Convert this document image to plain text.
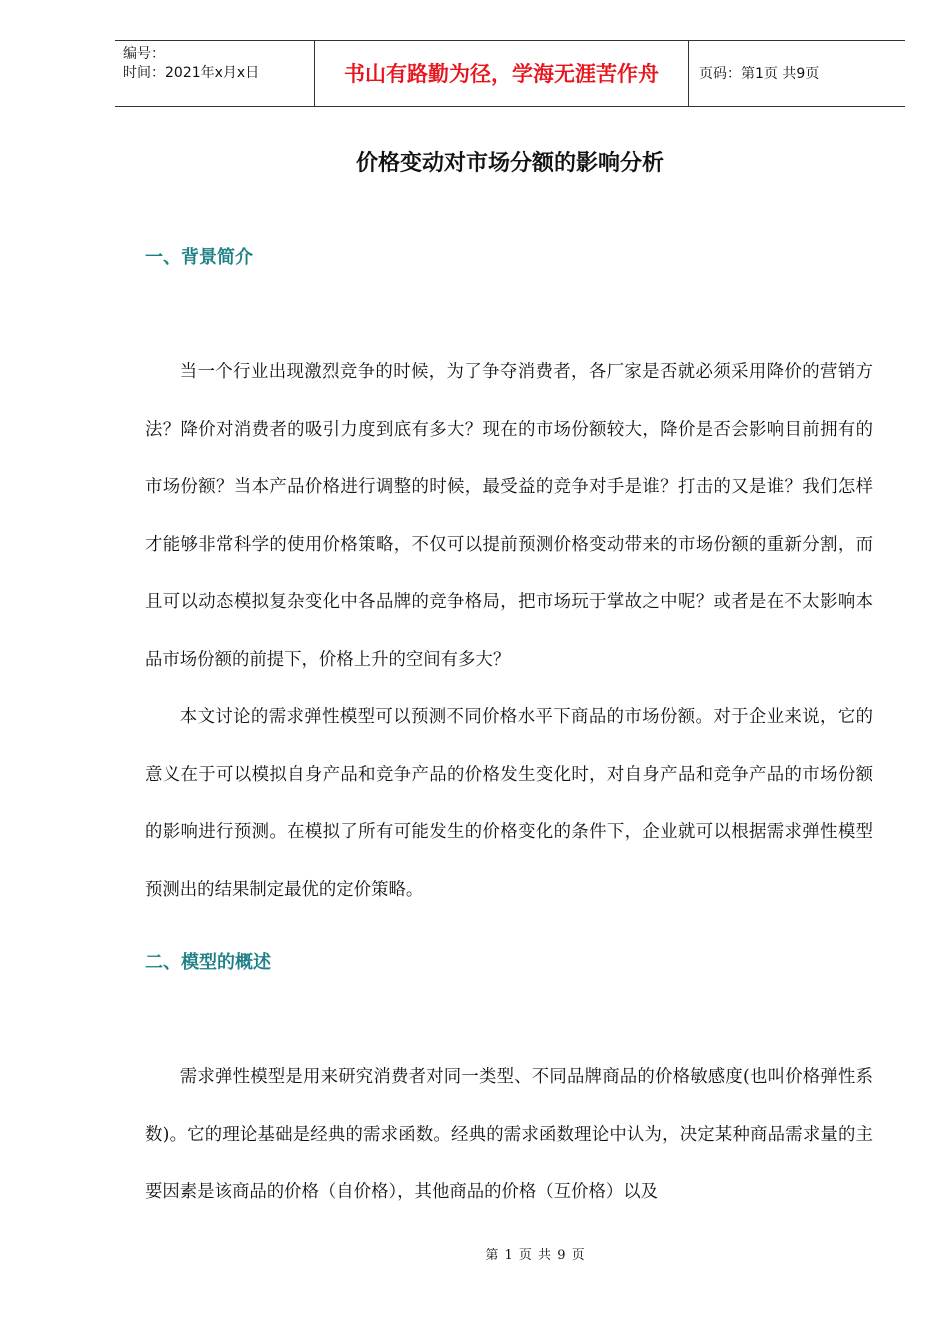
编号：
时间：2021年x月x日	书山有路勤为径，学海无涯苦作舟	页码：第1页 共9页
价格变动对市场分额的影响分析
一、背景简介

当一个行业出现激烈竞争的时候，为了争夺消费者，各厂家是否就必须采用降价的营销方法？降价对消费者的吸引力度到底有多大？现在的市场份额较大，降价是否会影响目前拥有的市场份额？当本产品价格进行调整的时候，最受益的竞争对手是谁？打击的又是谁？我们怎样才能够非常科学的使用价格策略，不仅可以提前预测价格变动带来的市场份额的重新分割，而且可以动态模拟复杂变化中各品牌的竞争格局，把市场玩于掌故之中呢？或者是在不太影响本品市场份额的前提下，价格上升的空间有多大？

本文讨论的需求弹性模型可以预测不同价格水平下商品的市场份额。对于企业来说，它的意义在于可以模拟自身产品和竞争产品的价格发生变化时，对自身产品和竞争产品的市场份额的影响进行预测。在模拟了所有可能发生的价格变化的条件下，企业就可以根据需求弹性模型预测出的结果制定最优的定价策略。

二、模型的概述

需求弹性模型是用来研究消费者对同一类型、不同品牌商品的价格敏感度(也叫价格弹性系数)。它的理论基础是经典的需求函数。经典的需求函数理论中认为，决定某种商品需求量的主要因素是该商品的价格（自价格），其他商品的价格（互价格）以及

第 1 页 共 9 页
